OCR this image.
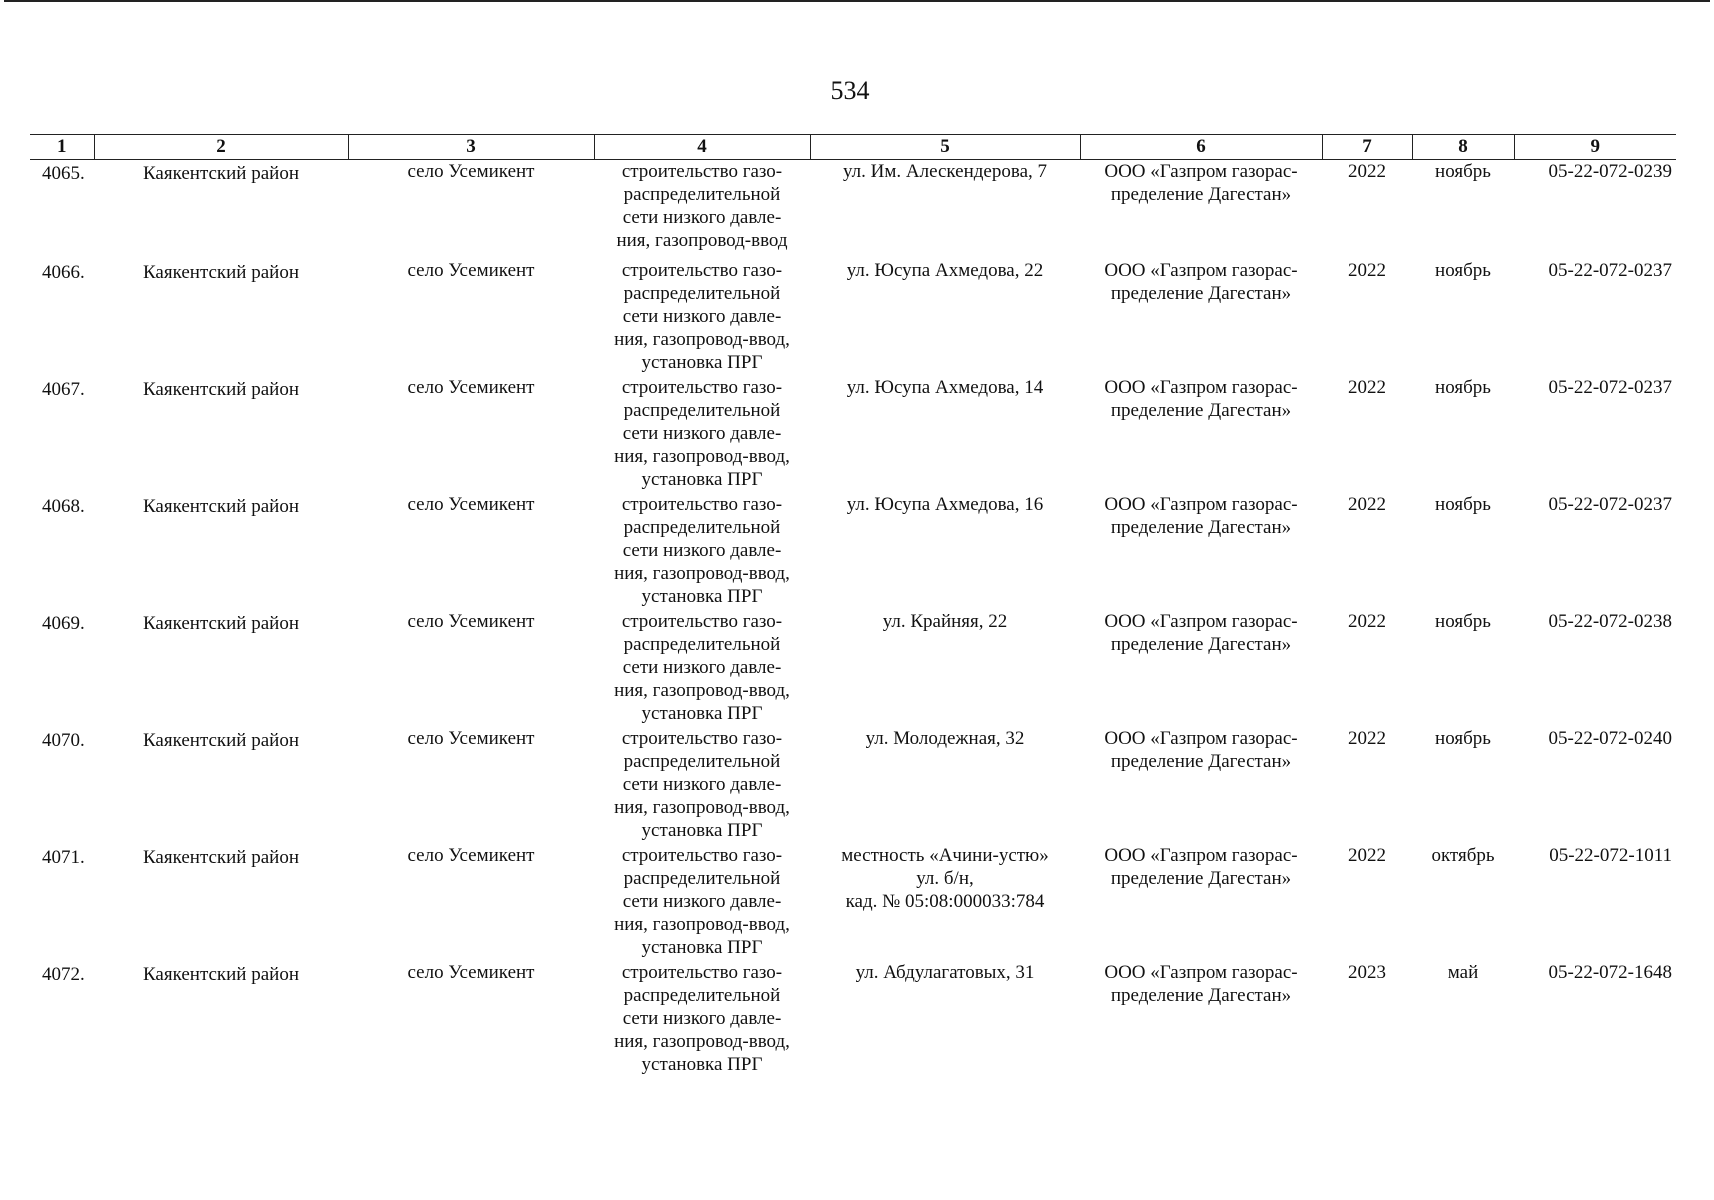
534
1	2	3	4	5	6	7	8	9
4065.	Каякентский район	село Усемикент	строительство газо-
распределительной
сети низкого давле-
ния, газопровод-ввод	ул. Им. Алескендерова, 7	ООО «Газпром газорас-
пределение Дагестан»	2022	ноябрь	05-22-072-0239
4066.	Каякентский район	село Усемикент	строительство газо-
распределительной
сети низкого давле-
ния, газопровод-ввод,
установка ПРГ	ул. Юсупа Ахмедова, 22	ООО «Газпром газорас-
пределение Дагестан»	2022	ноябрь	05-22-072-0237
4067.	Каякентский район	село Усемикент	строительство газо-
распределительной
сети низкого давле-
ния, газопровод-ввод,
установка ПРГ	ул. Юсупа Ахмедова, 14	ООО «Газпром газорас-
пределение Дагестан»	2022	ноябрь	05-22-072-0237
4068.	Каякентский район	село Усемикент	строительство газо-
распределительной
сети низкого давле-
ния, газопровод-ввод,
установка ПРГ	ул. Юсупа Ахмедова, 16	ООО «Газпром газорас-
пределение Дагестан»	2022	ноябрь	05-22-072-0237
4069.	Каякентский район	село Усемикент	строительство газо-
распределительной
сети низкого давле-
ния, газопровод-ввод,
установка ПРГ	ул. Крайняя, 22	ООО «Газпром газорас-
пределение Дагестан»	2022	ноябрь	05-22-072-0238
4070.	Каякентский район	село Усемикент	строительство газо-
распределительной
сети низкого давле-
ния, газопровод-ввод,
установка ПРГ	ул. Молодежная, 32	ООО «Газпром газорас-
пределение Дагестан»	2022	ноябрь	05-22-072-0240
4071.	Каякентский район	село Усемикент	строительство газо-
распределительной
сети низкого давле-
ния, газопровод-ввод,
установка ПРГ	местность «Ачини-устю»
ул. б/н,
кад. № 05:08:000033:784	ООО «Газпром газорас-
пределение Дагестан»	2022	октябрь	05-22-072-1011
4072.	Каякентский район	село Усемикент	строительство газо-
распределительной
сети низкого давле-
ния, газопровод-ввод,
установка ПРГ	ул. Абдулагатовых, 31	ООО «Газпром газорас-
пределение Дагестан»	2023	май	05-22-072-1648
